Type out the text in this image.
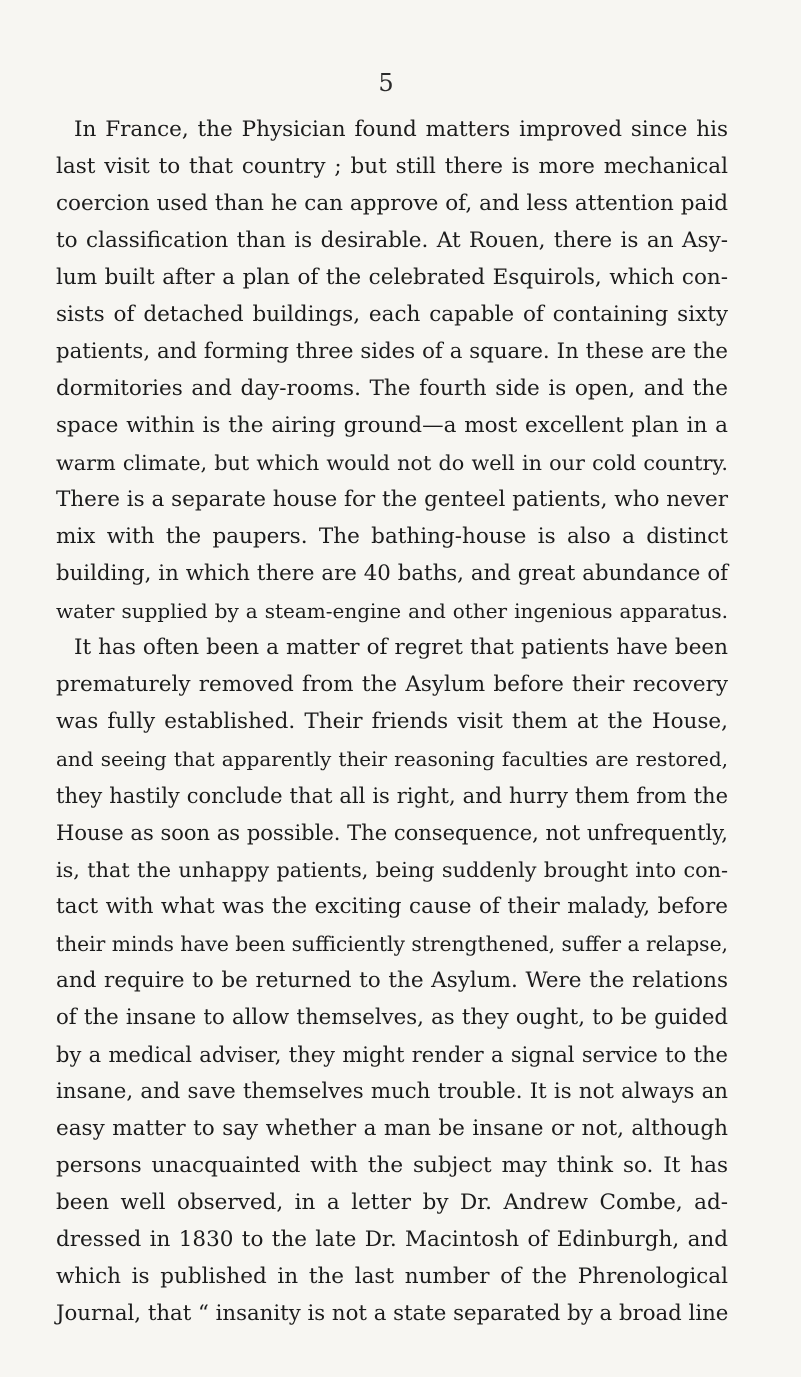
5
In France, the Physician found matters improved since his
last visit to that country ; but still there is more mechanical
coercion used than he can approve of, and less attention paid
to classification than is desirable. At Rouen, there is an Asy-
lum built after a plan of the celebrated Esquirols, which con-
sists of detached buildings, each capable of containing sixty
patients, and forming three sides of a square. In these are the
dormitories and day-rooms. The fourth side is open, and the
space within is the airing ground—a most excellent plan in a
warm climate, but which would not do well in our cold country.
There is a separate house for the genteel patients, who never
mix with the paupers. The bathing-house is also a distinct
building, in which there are 40 baths, and great abundance of
water supplied by a steam-engine and other ingenious apparatus.
It has often been a matter of regret that patients have been
prematurely removed from the Asylum before their recovery
was fully established. Their friends visit them at the House,
and seeing that apparently their reasoning faculties are restored,
they hastily conclude that all is right, and hurry them from the
House as soon as possible. The consequence, not unfrequently,
is, that the unhappy patients, being suddenly brought into con-
tact with what was the exciting cause of their malady, before
their minds have been sufficiently strengthened, suffer a relapse,
and require to be returned to the Asylum. Were the relations
of the insane to allow themselves, as they ought, to be guided
by a medical adviser, they might render a signal service to the
insane, and save themselves much trouble. It is not always an
easy matter to say whether a man be insane or not, although
persons unacquainted with the subject may think so. It has
been well observed, in a letter by Dr. Andrew Combe, ad-
dressed in 1830 to the late Dr. Macintosh of Edinburgh, and
which is published in the last number of the Phrenological
Journal, that “ insanity is not a state separated by a broad line
